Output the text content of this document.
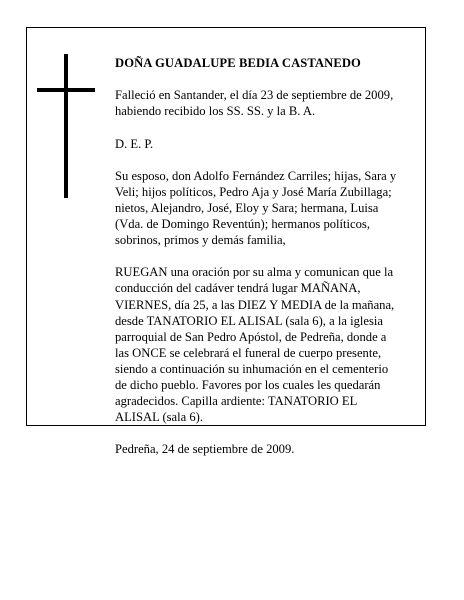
DOÑA GUADALUPE BEDIA CASTANEDO

Falleció en Santander, el día 23 de septiembre de 2009,
habiendo recibido los SS. SS. y la B. A.

D. E. P.

Su esposo, don Adolfo Fernández Carriles; hijas, Sara y
Veli; hijos políticos, Pedro Aja y José María Zubillaga;
nietos, Alejandro, José, Eloy y Sara; hermana, Luisa
(Vda. de Domingo Reventún); hermanos políticos,
sobrinos, primos y demás familia,

RUEGAN una oración por su alma y comunican que la
conducción del cadáver tendrá lugar MAÑANA,
VIERNES, día 25, a las DIEZ Y MEDIA de la mañana,
desde TANATORIO EL ALISAL (sala 6), a la iglesia
parroquial de San Pedro Apóstol, de Pedreña, donde a
las ONCE se celebrará el funeral de cuerpo presente,
siendo a continuación su inhumación en el cementerio
de dicho pueblo. Favores por los cuales les quedarán
agradecidos. Capilla ardiente: TANATORIO EL
ALISAL (sala 6).

Pedreña, 24 de septiembre de 2009.
